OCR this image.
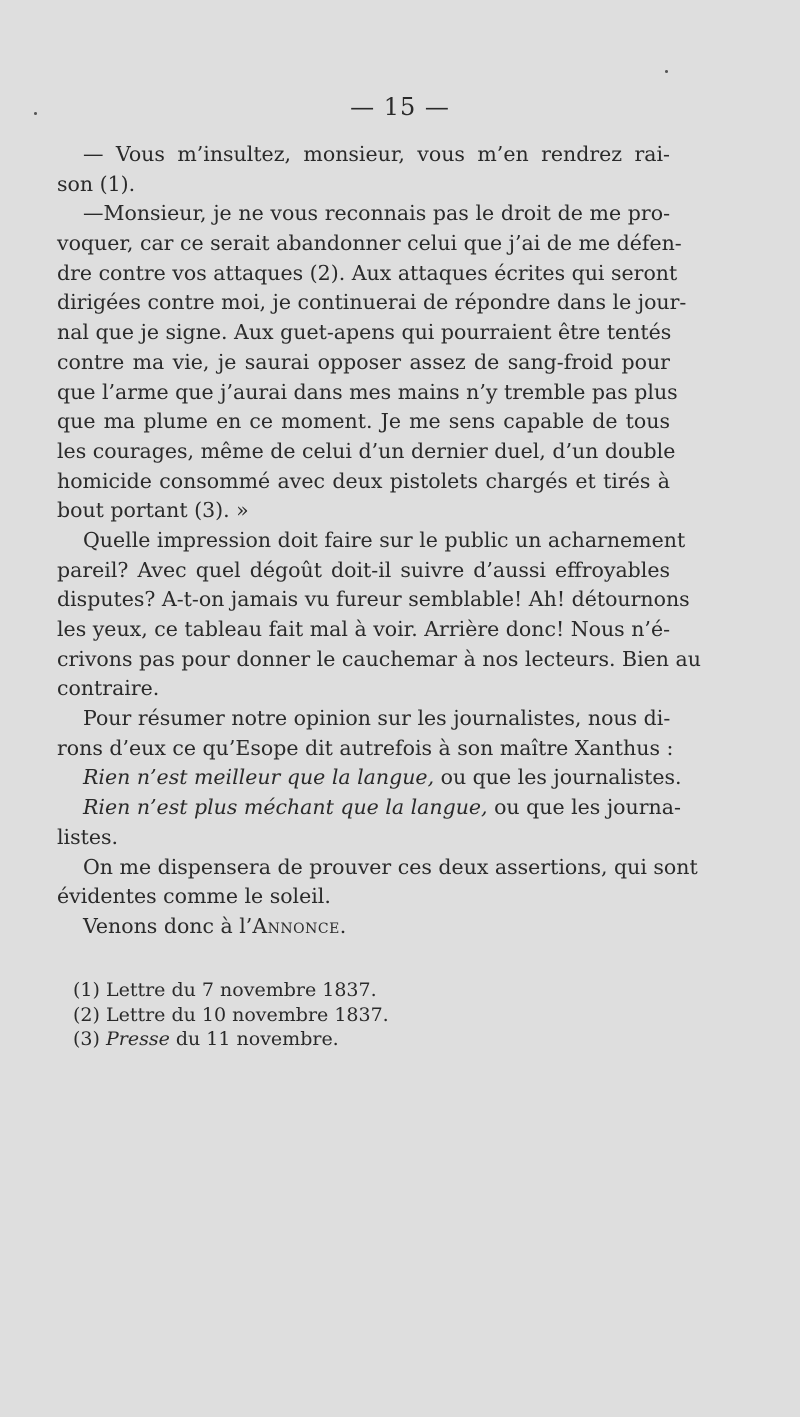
— 15 —
— Vous m’insultez, monsieur, vous m’en rendrez rai-
son (1).
—Monsieur, je ne vous reconnais pas le droit de me pro-
voquer, car ce serait abandonner celui que j’ai de me défen-
dre contre vos attaques (2). Aux attaques écrites qui seront
dirigées contre moi, je continuerai de répondre dans le jour-
nal que je signe. Aux guet-apens qui pourraient être tentés
contre ma vie, je saurai opposer assez de sang-froid pour
que l’arme que j’aurai dans mes mains n’y tremble pas plus
que ma plume en ce moment. Je me sens capable de tous
les courages, même de celui d’un dernier duel, d’un double
homicide consommé avec deux pistolets chargés et tirés à
bout portant (3). »
Quelle impression doit faire sur le public un acharnement
pareil? Avec quel dégoût doit-il suivre d’aussi effroyables
disputes? A-t-on jamais vu fureur semblable! Ah! détournons
les yeux, ce tableau fait mal à voir. Arrière donc! Nous n’é-
crivons pas pour donner le cauchemar à nos lecteurs. Bien au
contraire.
Pour résumer notre opinion sur les journalistes, nous di-
rons d’eux ce qu’Esope dit autrefois à son maître Xanthus :
Rien n’est meilleur que la langue, ou que les journalistes.
Rien n’est plus méchant que la langue, ou que les journa-
listes.
On me dispensera de prouver ces deux assertions, qui sont
évidentes comme le soleil.
Venons donc à l’Annonce.
(1) Lettre du 7 novembre 1837.
(2) Lettre du 10 novembre 1837.
(3) Presse du 11 novembre.
